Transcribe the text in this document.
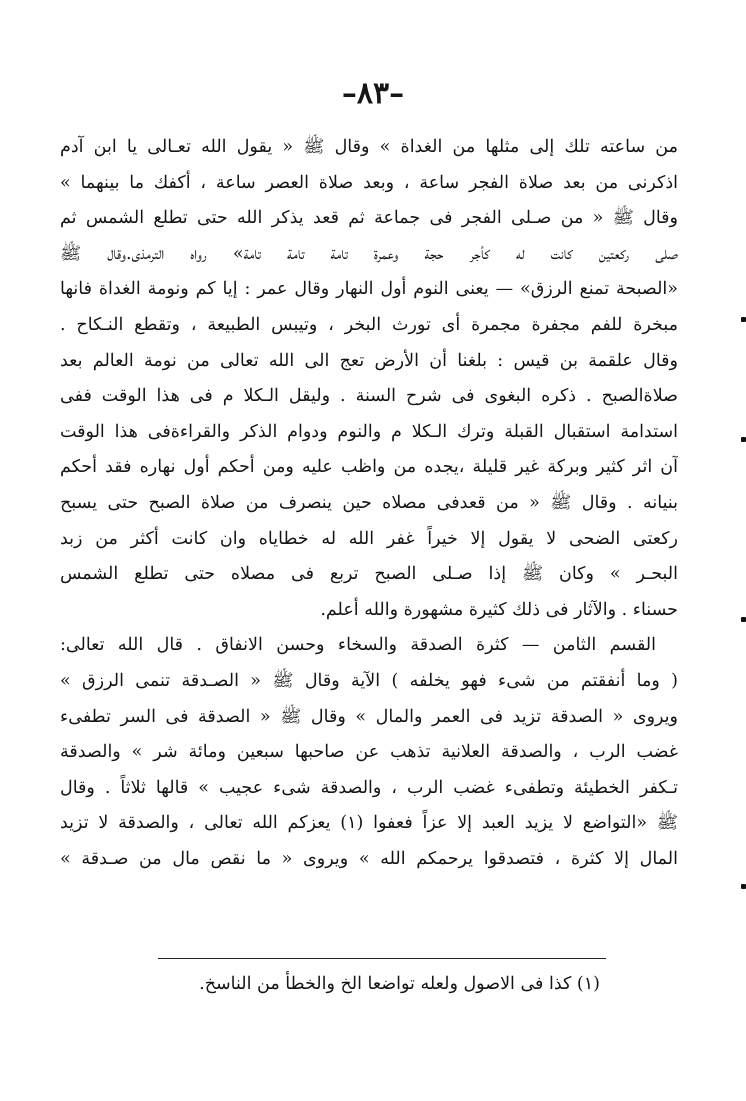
–٨٣–
من ساعته تلك إلى مثلها من الغداة » وقال ﷺ « يقول الله تعـالى يا ابن آدم
اذكرنى من بعد صلاة الفجر ساعة ، وبعد صلاة العصر ساعة ، أكفك ما بينهما »
وقال ﷺ « من صـلى الفجر فى جماعة ثم قعد يذكر الله حتى تطلع الشمس ثم
صلى ركعتين كانت له كأجر حجة وعمرة تامة تامة تامة» رواه الترمذى.وقال ﷺ
«الصبحة تمنع الرزق» — يعنى النوم أول النهار وقال عمر : إيا كم ونومة الغداة فانها
مبخرة للفم مجفرة مجمرة أى تورث البخر ، وتيبس الطبيعة ، وتقطع النـكاح .
وقال علقمة بن قيس : بلغنا أن الأرض تعج الى الله تعالى من نومة العالم بعد
صلاةالصبح . ذكره البغوى فى شرح السنة . وليقل الـكلا م فى هذا الوقت ففى
استدامة استقبال القبلة وترك الـكلا م والنوم ودوام الذكر والقراءةفى هذا الوقت
آن اثر كثير وبركة غير قليلة ،يجده من واظب عليه ومن أحكم أول نهاره فقد أحكم
بنيانه . وقال ﷺ « من قعدفى مصلاه حين ينصرف من صلاة الصبح حتى يسبح
ركعتى الضحى لا يقول إلا خيراً غفر الله له خطاياه وان كانت أكثر من زبد
البحـر » وكان ﷺ إذا صـلى الصبح تربع فى مصلاه حتى تطلع الشمس
حسناء . والآثار فى ذلك كثيرة مشهورة والله أعلم.
القسم الثامن — كثرة الصدقة والسخاء وحسن الانفاق . قال الله تعالى:
( وما أنفقتم من شىء فهو يخلفه ) الآية وقال ﷺ « الصـدقة تنمى الرزق »
ويروى « الصدقة تزيد فى العمر والمال » وقال ﷺ « الصدقة فى السر تطفىء
غضب الرب ، والصدقة العلانية تذهب عن صاحبها سبعين ومائة شر » والصدقة
تـكفر الخطيئة وتطفىء غضب الرب ، والصدقة شىء عجيب » قالها ثلاثاً . وقال
ﷺ «التواضع لا يزيد العبد إلا عزاً فعفوا (١) يعزكم الله تعالى ، والصدقة لا تزيد
المال إلا كثرة ، فتصدقوا يرحمكم الله » ويروى « ما نقص مال من صـدقة »
(١) كذا فى الاصول ولعله تواضعا الخ والخطأ من الناسخ.
